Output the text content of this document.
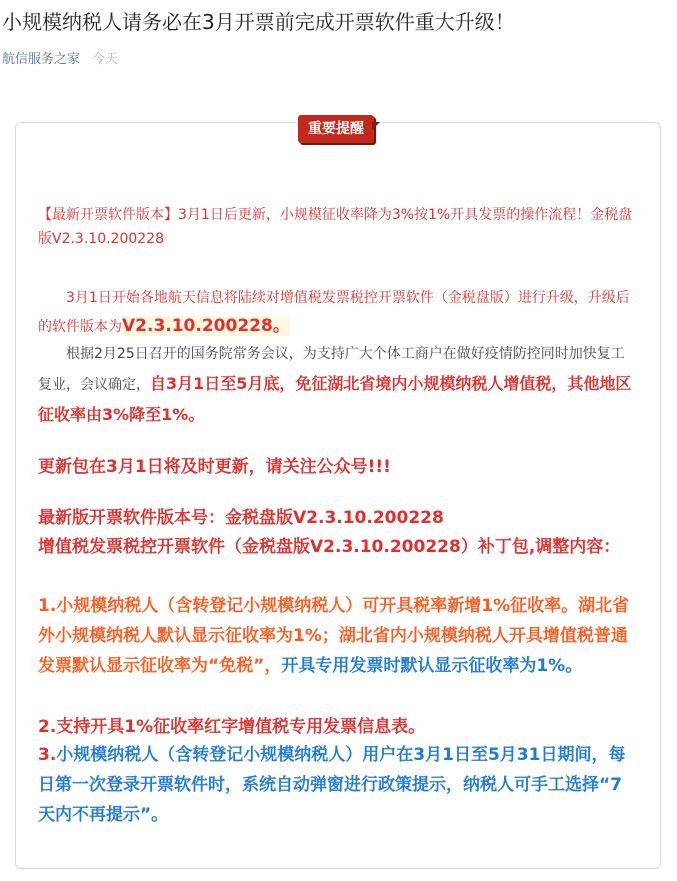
小规模纳税人请务必在3月开票前完成开票软件重大升级！
航信服务之家 今天
重要提醒
【最新开票软件版本】3月1日后更新，小规模征收率降为3%按1%开具发票的操作流程！金税盘版V2.3.10.200228
3月1日开始各地航天信息将陆续对增值税发票税控开票软件（金税盘版）进行升级，升级后的软件版本为V2.3.10.200228。
根据2月25日召开的国务院常务会议，为支持广大个体工商户在做好疫情防控同时加快复工复业，会议确定，自3月1日至5月底，免征湖北省境内小规模纳税人增值税，其他地区征收率由3%降至1%。
更新包在3月1日将及时更新，请关注公众号!!!
最新版开票软件版本号：金税盘版V2.3.10.200228
增值税发票税控开票软件（金税盘版V2.3.10.200228）补丁包,调整内容：
1.小规模纳税人（含转登记小规模纳税人）可开具税率新增1%征收率。湖北省外小规模纳税人默认显示征收率为1%；湖北省内小规模纳税人开具增值税普通发票默认显示征收率为“免税”，开具专用发票时默认显示征收率为1%。
2.支持开具1%征收率红字增值税专用发票信息表。
3.小规模纳税人（含转登记小规模纳税人）用户在3月1日至5月31日期间，每日第一次登录开票软件时，系统自动弹窗进行政策提示，纳税人可手工选择“7天内不再提示”。
